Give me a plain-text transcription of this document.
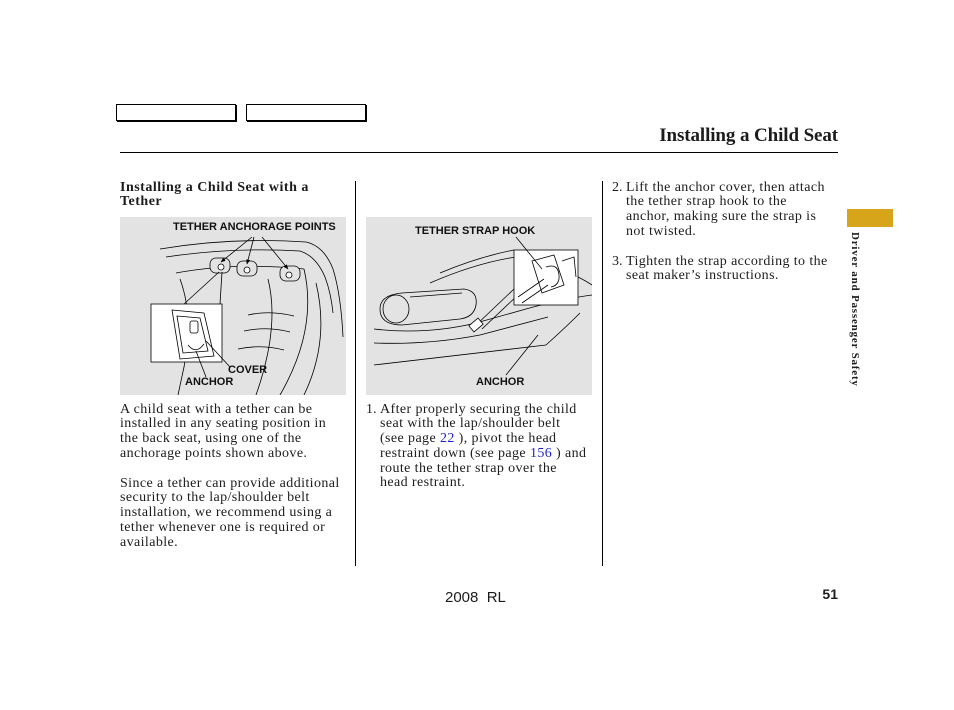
Installing a Child Seat
Installing a Child Seat with a
Tether
TETHER ANCHORAGE POINTS
COVER
ANCHOR
A child seat with a tether can be
installed in any seating position in
the back seat, using one of the
anchorage points shown above.
Since a tether can provide additional
security to the lap/shoulder belt
installation, we recommend using a
tether whenever one is required or
available.
TETHER STRAP HOOK
ANCHOR
1. After properly securing the child
seat with the lap/shoulder belt
(see page 22 ), pivot the head
restraint down (see page 156 ) and
route the tether strap over the
head restraint.
2. Lift the anchor cover, then attach
the tether strap hook to the
anchor, making sure the strap is
not twisted.
3. Tighten the strap according to the
seat maker’s instructions.	Driver and Passenger Safety
2008  RL	51
